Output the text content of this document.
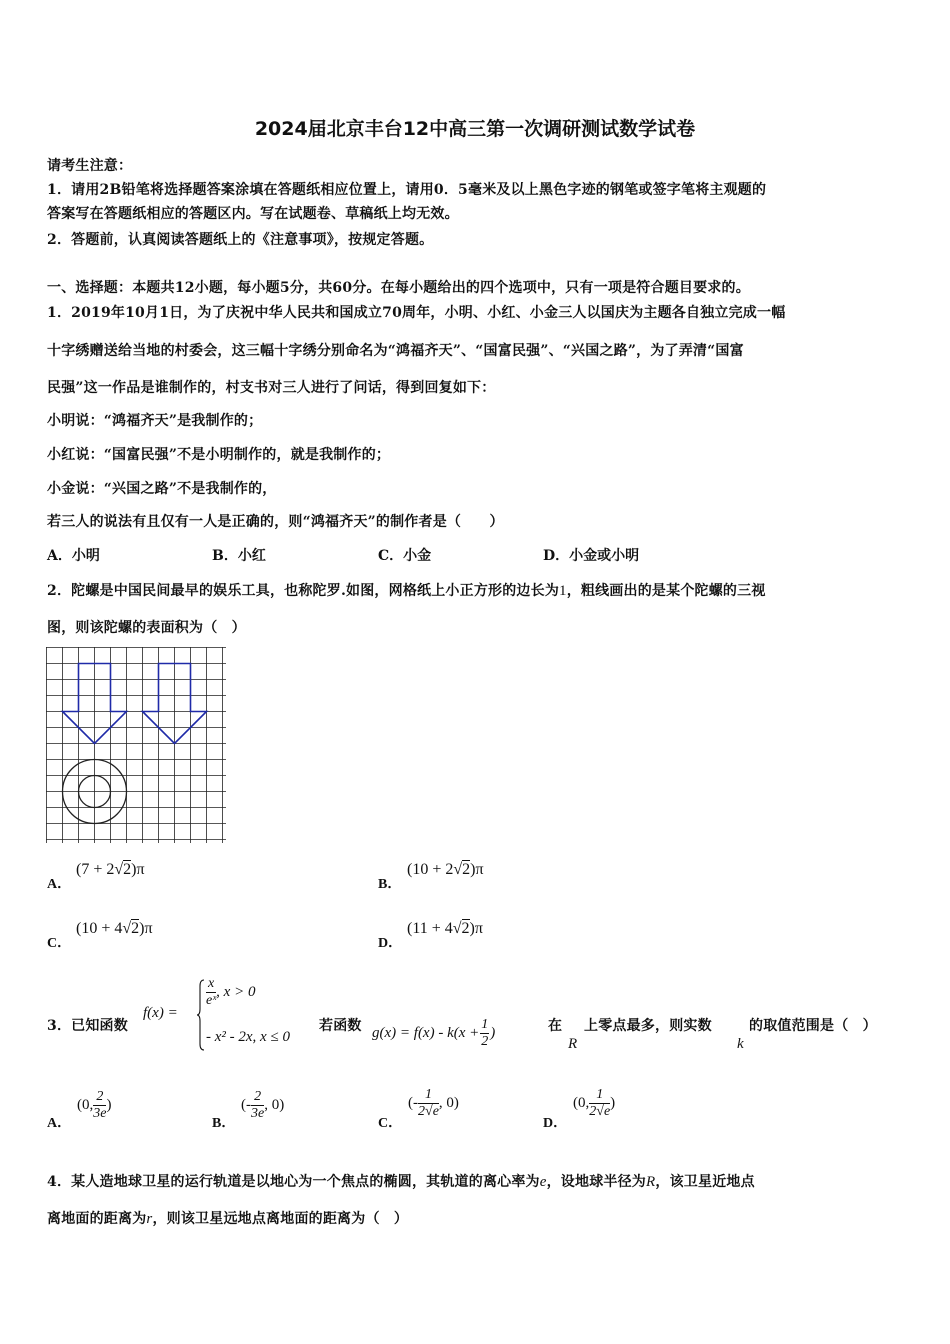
2024届北京丰台12中高三第一次调研测试数学试卷
请考生注意：
1．请用2B铅笔将选择题答案涂填在答题纸相应位置上，请用0．5毫米及以上黑色字迹的钢笔或签字笔将主观题的
答案写在答题纸相应的答题区内。写在试题卷、草稿纸上均无效。
2．答题前，认真阅读答题纸上的《注意事项》，按规定答题。
一、选择题：本题共12小题，每小题5分，共60分。在每小题给出的四个选项中，只有一项是符合题目要求的。
1．2019年10月1日，为了庆祝中华人民共和国成立70周年，小明、小红、小金三人以国庆为主题各自独立完成一幅
十字绣赠送给当地的村委会，这三幅十字绣分别命名为“鸿福齐天”、“国富民强”、“兴国之路”，为了弄清“国富
民强”这一作品是谁制作的，村支书对三人进行了问话，得到回复如下：
小明说：“鸿福齐天”是我制作的；
小红说：“国富民强”不是小明制作的，就是我制作的；
小金说：“兴国之路”不是我制作的，
若三人的说法有且仅有一人是正确的，则“鸿福齐天”的制作者是（　　）
A．小明	B．小红	C．小金	D．小金或小明
2．陀螺是中国民间最早的娱乐工具，也称陀罗.如图，网格纸上小正方形的边长为1，粗线画出的是某个陀螺的三视
图，则该陀螺的表面积为（　）
A．
(7 + 2√2)π
B．
(10 + 2√2)π
C．
(10 + 4√2)π
D．
(11 + 4√2)π
3．已知函数
f(x) =
$\frac{x}{\text{eˣ}}$ , x > 0
- x² - 2x, x ≤ 0
若函数 $g(x) = f(x) - k(x + \frac{1}{2}$ )	在
R
上零点最多，则实数
k
的取值范围是（　）
A．
(0, $\frac{2}{3e}$ )
B．
(- $\frac{2}{3e}$ , 0)
C．
(- $\frac{1}{2√e}$ , 0)
D．
(0, $\frac{1}{2√e}$ )
4．某人造地球卫星的运行轨道是以地心为一个焦点的椭圆，其轨道的离心率为e，设地球半径为R，该卫星近地点
离地面的距离为r，则该卫星远地点离地面的距离为（　）
